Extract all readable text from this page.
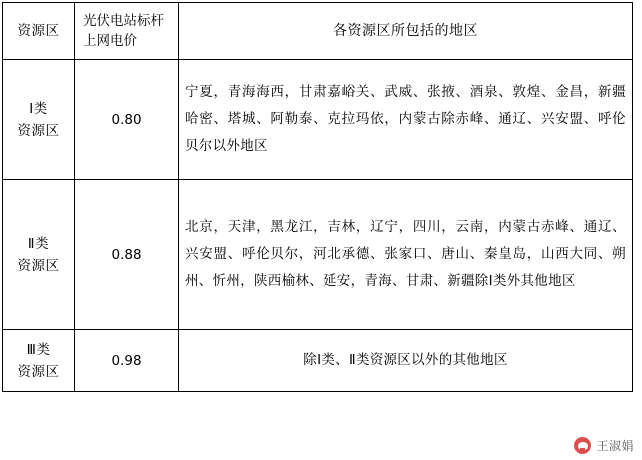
资源区	光伏电站标杆上网电价	各资源区所包括的地区

Ⅰ类
资源区	0.80	宁夏，青海海西，甘肃嘉峪关、武威、张掖、酒泉、敦煌、金昌，新疆哈密、塔城、阿勒泰、克拉玛依，内蒙古除赤峰、通辽、兴安盟、呼伦贝尔以外地区

Ⅱ类
资源区	0.88	北京，天津，黑龙江，吉林，辽宁，四川，云南，内蒙古赤峰、通辽、兴安盟、呼伦贝尔，河北承德、张家口、唐山、秦皇岛，山西大同、朔州、忻州，陕西榆林、延安，青海、甘肃、新疆除Ⅰ类外其他地区

Ⅲ类
资源区	0.98	除Ⅰ类、Ⅱ类资源区以外的其他地区
王淑娟
